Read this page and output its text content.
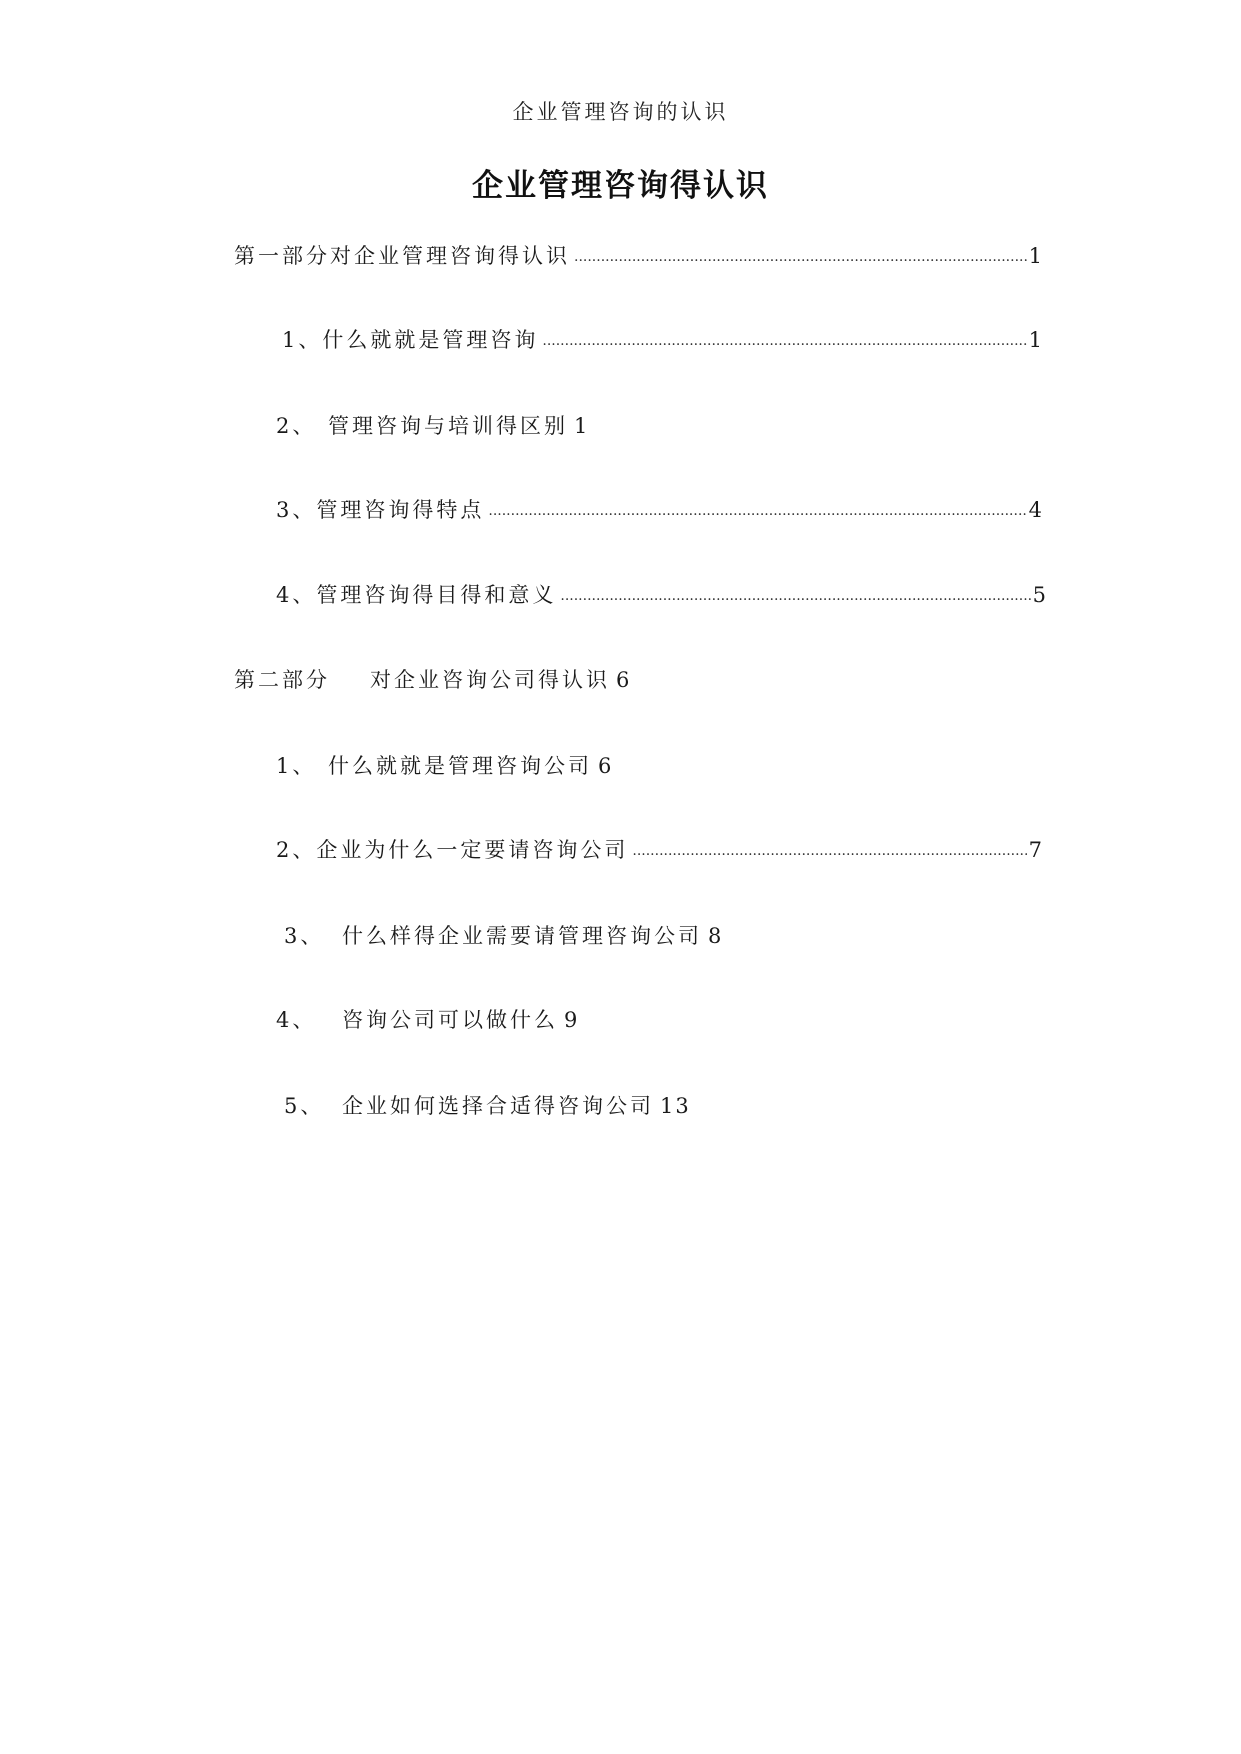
企业管理咨询的认识
企业管理咨询得认识
第一部分 对企业管理咨询得认识 .....	1
1、 什么就就是管理咨询 .....	1
2、 管理咨询与培训得区别 1
3、 管理咨询得特点 .....	4
4、 管理咨询得目得和意义 .....	5
第二部分	对企业咨询公司得认识 6
1、 什么就就是管理咨询公司 6
2、 企业为什么一定要请咨询公司 .....	7
3、 什么样得企业需要请管理咨询公司 8
4、	咨询公司可以做什么 9
5、 企业如何选择合适得咨询公司 13
